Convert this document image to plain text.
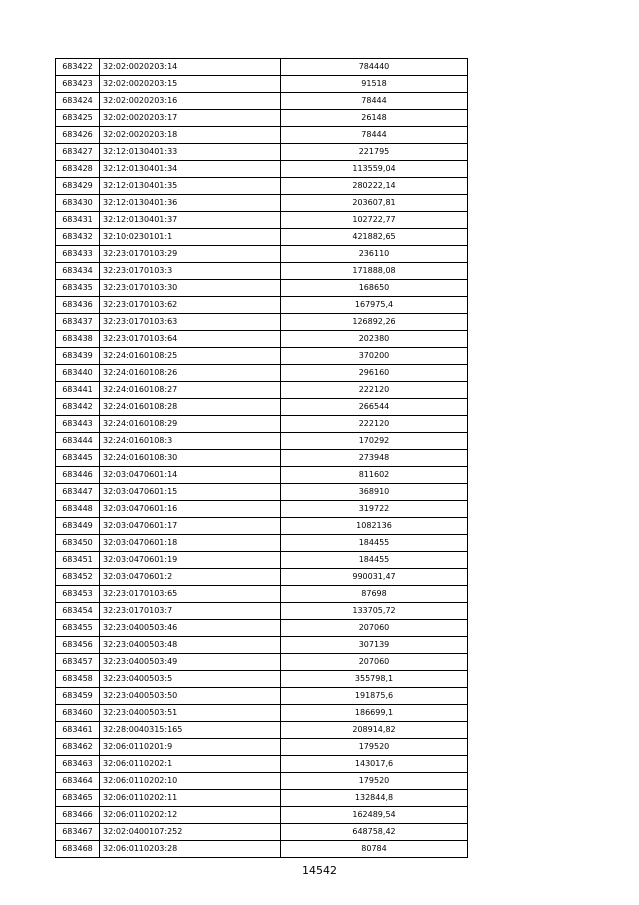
683422	32:02:0020203:14	784440
683423	32:02:0020203:15	91518
683424	32:02:0020203:16	78444
683425	32:02:0020203:17	26148
683426	32:02:0020203:18	78444
683427	32:12:0130401:33	221795
683428	32:12:0130401:34	113559,04
683429	32:12:0130401:35	280222,14
683430	32:12:0130401:36	203607,81
683431	32:12:0130401:37	102722,77
683432	32:10:0230101:1	421882,65
683433	32:23:0170103:29	236110
683434	32:23:0170103:3	171888,08
683435	32:23:0170103:30	168650
683436	32:23:0170103:62	167975,4
683437	32:23:0170103:63	126892,26
683438	32:23:0170103:64	202380
683439	32:24:0160108:25	370200
683440	32:24:0160108:26	296160
683441	32:24:0160108:27	222120
683442	32:24:0160108:28	266544
683443	32:24:0160108:29	222120
683444	32:24:0160108:3	170292
683445	32:24:0160108:30	273948
683446	32:03:0470601:14	811602
683447	32:03:0470601:15	368910
683448	32:03:0470601:16	319722
683449	32:03:0470601:17	1082136
683450	32:03:0470601:18	184455
683451	32:03:0470601:19	184455
683452	32:03:0470601:2	990031,47
683453	32:23:0170103:65	87698
683454	32:23:0170103:7	133705,72
683455	32:23:0400503:46	207060
683456	32:23:0400503:48	307139
683457	32:23:0400503:49	207060
683458	32:23:0400503:5	355798,1
683459	32:23:0400503:50	191875,6
683460	32:23:0400503:51	186699,1
683461	32:28:0040315:165	208914,82
683462	32:06:0110201:9	179520
683463	32:06:0110202:1	143017,6
683464	32:06:0110202:10	179520
683465	32:06:0110202:11	132844,8
683466	32:06:0110202:12	162489,54
683467	32:02:0400107:252	648758,42
683468	32:06:0110203:28	80784
14542
